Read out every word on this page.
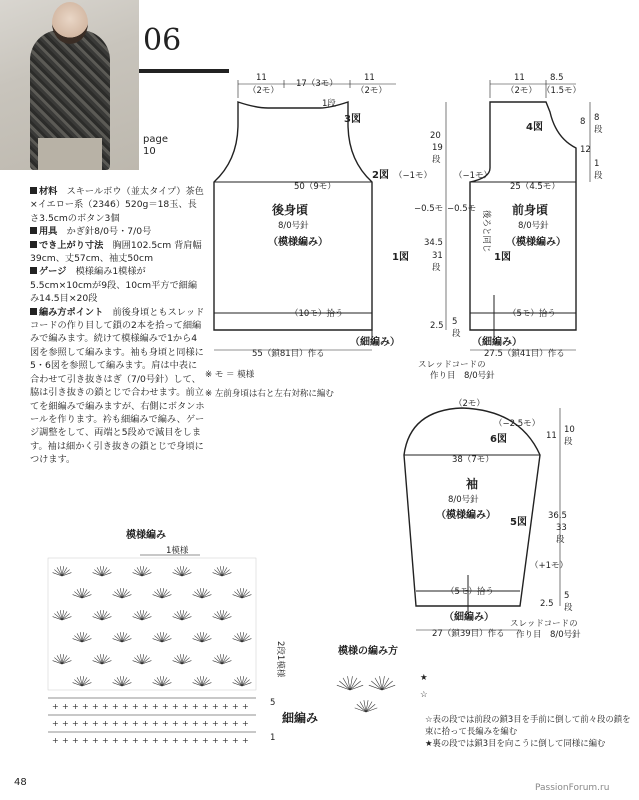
06
page
10

材料　 スキールボウ（並太タイプ）茶色×イエロー系（2346）520g＝18玉、長さ3.5cmのボタン3個

用具　 かぎ針8/0号・7/0号

でき上がり寸法　 胸囲102.5cm 背肩幅39cm、丈57cm、袖丈50cm

ゲージ　 模様編み1模様が5.5cm×10cmが9段、10cm平方で細編み14.5目×20段

編み方ポイント　 前後身頃ともスレッドコードの作り目して鎖の2本を拾って細編みで編みます。続けて模様編みで1から4図を参照して編みます。袖も身頃と同様に5・6図を参照して編みます。肩は中表に合わせて引き抜きはぎ（7/0号針）して、脇は引き抜きの鎖とじで合わせます。前立てを細編みで編みますが、右側にボタンホールを作ります。衿も細編みで編み、ゲージ調整をして、両端と5段めで減目をします。袖は細かく引き抜きの鎖とじで身頃につけます。

11
（2モ）
17（3モ）
11
（2モ）
1段
3図
2図 （−1モ）
50（9モ）
後身頃
8/0号針
（模様編み）
1図
−0.5モ
（10モ）拾う
（細編み）
55（鎖81目）作る
20
19
段
34.5
31
段
2.5 5
段
11
（2モ）
8.5
（1.5モ）
4図
（−1モ）
25（4.5モ）
前身頃
8/0号針
（模様編み）
−0.5モ
後ろと同じ
1図
（5モ）拾う
（細編み）
27.5（鎖41目）作る
スレッドコードの
作り目　8/0号針
8 8
段
12
1
段
（2モ）
（−2.5モ）
6図
38（7モ）
袖
8/0号針
（模様編み）
5図
（+1モ）
（5モ）拾う
（細編み）
27（鎖39目）作る
スレッドコードの
作り目　8/0号針
11
10
段
36.5
33
段
2.5
5
段
模様編み
1模様
+ + + + + + + + + + + + + + + + + + + +
+ + + + + + + + + + + + + + + + + + + +
+ + + + + + + + + + + + + + + + + + + +
2段1模様
細編み
5
1
模様の編み方
★
☆
※ モ ＝ 模様
※ 左前身頃は右と左右対称に編む
☆表の段では前段の鎖3目を手前に倒して前々段の鎖を束に拾って長編みを編む
★裏の段では鎖3目を向こうに倒して同様に編む
48	PassionForum.ru
